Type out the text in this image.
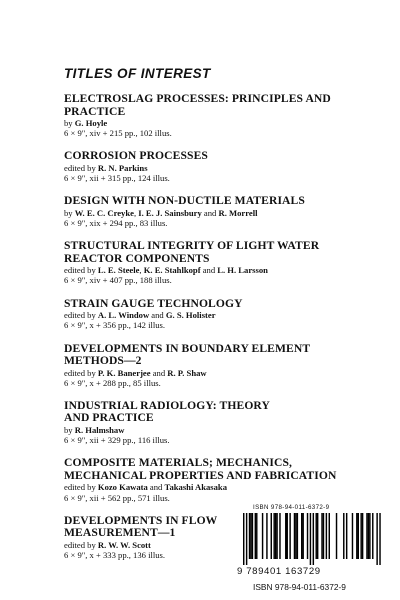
TITLES OF INTEREST
ELECTROSLAG PROCESSES: PRINCIPLES AND
PRACTICE
by G. Hoyle
6 × 9", xiv + 215 pp., 102 illus.
CORROSION PROCESSES
edited by R. N. Parkins
6 × 9", xii + 315 pp., 124 illus.
DESIGN WITH NON-DUCTILE MATERIALS
by W. E. C. Creyke, I. E. J. Sainsbury and R. Morrell
6 × 9", xix + 294 pp., 83 illus.
STRUCTURAL INTEGRITY OF LIGHT WATER
REACTOR COMPONENTS
edited by L. E. Steele, K. E. Stahlkopf and L. H. Larsson
6 × 9", xiv + 407 pp., 188 illus.
STRAIN GAUGE TECHNOLOGY
edited by A. L. Window and G. S. Holister
6 × 9", x + 356 pp., 142 illus.
DEVELOPMENTS IN BOUNDARY ELEMENT
METHODS—2
edited by P. K. Banerjee and R. P. Shaw
6 × 9", x + 288 pp., 85 illus.
INDUSTRIAL RADIOLOGY: THEORY
AND PRACTICE
by R. Halmshaw
6 × 9", xii + 329 pp., 116 illus.
COMPOSITE MATERIALS; MECHANICS,
MECHANICAL PROPERTIES AND FABRICATION
edited by Kozo Kawata and Takashi Akasaka
6 × 9", xii + 562 pp., 571 illus.
DEVELOPMENTS IN FLOW
MEASUREMENT—1
edited by R. W. W. Scott
6 × 9", x + 333 pp., 136 illus.
ISBN 978-94-011-6372-9
9 789401 163729
ISBN 978-94-011-6372-9
